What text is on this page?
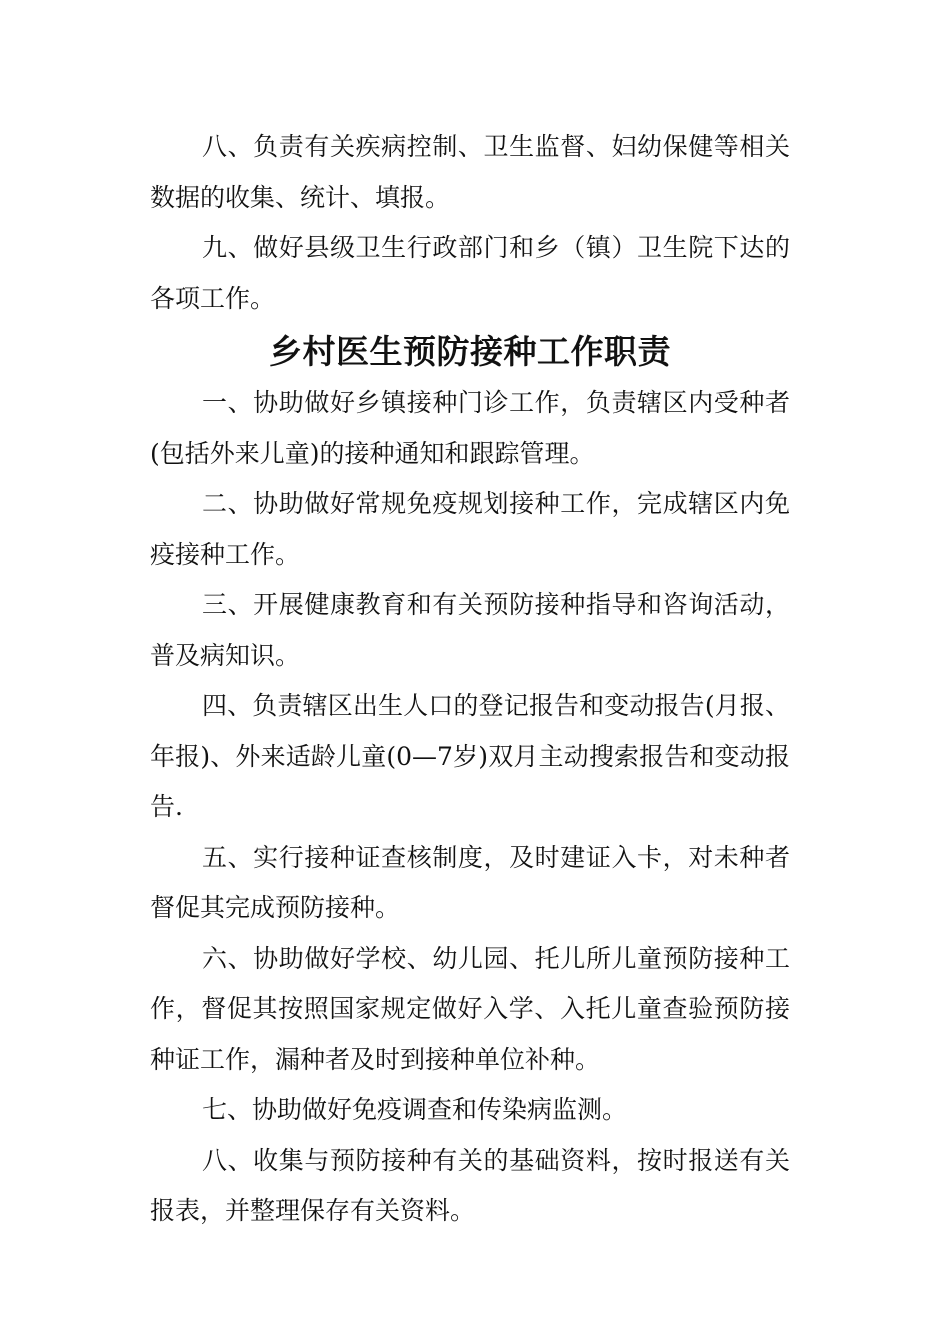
八、负责有关疾病控制、卫生监督、妇幼保健等相关数据的收集、统计、填报。

九、做好县级卫生行政部门和乡（镇）卫生院下达的各项工作。

乡村医生预防接种工作职责

一、协助做好乡镇接种门诊工作，负责辖区内受种者(包括外来儿童)的接种通知和跟踪管理。

二、协助做好常规免疫规划接种工作，完成辖区内免疫接种工作。

三、开展健康教育和有关预防接种指导和咨询活动，普及病知识。

四、负责辖区出生人口的登记报告和变动报告(月报、年报)、外来适龄儿童(0—7岁)双月主动搜索报告和变动报告.

五、实行接种证查核制度，及时建证入卡，对未种者督促其完成预防接种。

六、协助做好学校、幼儿园、托儿所儿童预防接种工作，督促其按照国家规定做好入学、入托儿童查验预防接种证工作，漏种者及时到接种单位补种。

七、协助做好免疫调查和传染病监测。

八、收集与预防接种有关的基础资料，按时报送有关报表，并整理保存有关资料。
